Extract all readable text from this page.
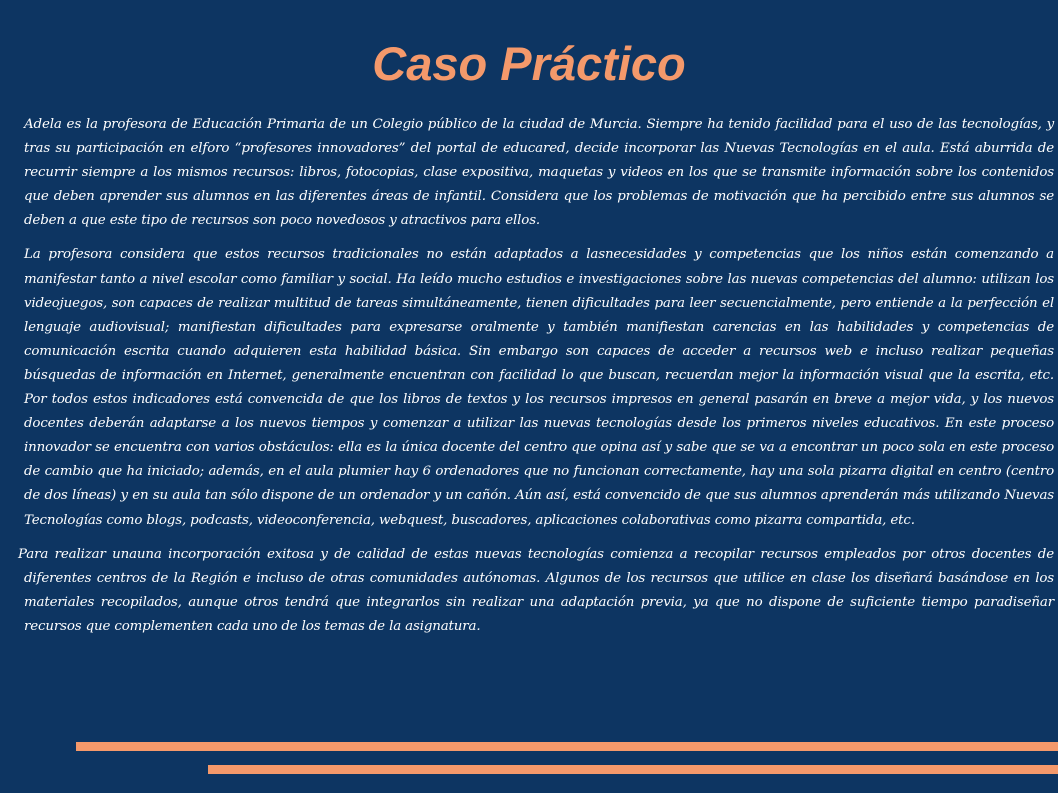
Caso Práctico

Adela es la profesora de Educación Primaria de un Colegio público de la ciudad de Murcia. Siempre ha tenido facilidad para el uso de las tecnologías, y tras su participación en elforo “profesores innovadores” del portal de educared, decide incorporar las Nuevas Tecnologías en el aula. Está aburrida de recurrir siempre a los mismos recursos: libros, fotocopias, clase expositiva, maquetas y videos en los que se transmite información sobre los contenidos que deben aprender sus alumnos en las diferentes áreas de infantil. Considera que los problemas de motivación que ha percibido entre sus alumnos se deben a que este tipo de recursos son poco novedosos y atractivos para ellos.

La profesora considera que estos recursos tradicionales no están adaptados a lasnecesidades y competencias que los niños están comenzando a manifestar tanto a nivel escolar como familiar y social. Ha leído mucho estudios e investigaciones sobre las nuevas competencias del alumno: utilizan los videojuegos, son capaces de realizar multitud de tareas simultáneamente, tienen dificultades para leer secuencialmente, pero entiende a la perfección el lenguaje audiovisual; manifiestan dificultades para expresarse oralmente y también manifiestan carencias en las habilidades y competencias de comunicación escrita cuando adquieren esta habilidad básica. Sin embargo son capaces de acceder a recursos web e incluso realizar pequeñas búsquedas de información en Internet, generalmente encuentran con facilidad lo que buscan, recuerdan mejor la información visual que la escrita, etc. Por todos estos indicadores está convencida de que los libros de textos y los recursos impresos en general pasarán en breve a mejor vida, y los nuevos docentes deberán adaptarse a los nuevos tiempos y comenzar a utilizar las nuevas tecnologías desde los primeros niveles educativos. En este proceso innovador se encuentra con varios obstáculos: ella es la única docente del centro que opina así y sabe que se va a encontrar un poco sola en este proceso de cambio que ha iniciado; además, en el aula plumier hay 6 ordenadores que no funcionan correctamente, hay una sola pizarra digital en centro (centro de dos líneas) y en su aula tan sólo dispone de un ordenador y un cañón. Aún así, está convencido de que sus alumnos aprenderán más utilizando Nuevas Tecnologías como blogs, podcasts, videoconferencia, webquest, buscadores, aplicaciones colaborativas como pizarra compartida, etc.

Para realizar unauna incorporación exitosa y de calidad de estas nuevas tecnologías comienza a recopilar recursos empleados por otros docentes de diferentes centros de la Región e incluso de otras comunidades autónomas. Algunos de los recursos que utilice en clase los diseñará basándose en los materiales recopilados, aunque otros tendrá que integrarlos sin realizar una adaptación previa, ya que no dispone de suficiente tiempo paradiseñar recursos que complementen cada uno de los temas de la asignatura.
